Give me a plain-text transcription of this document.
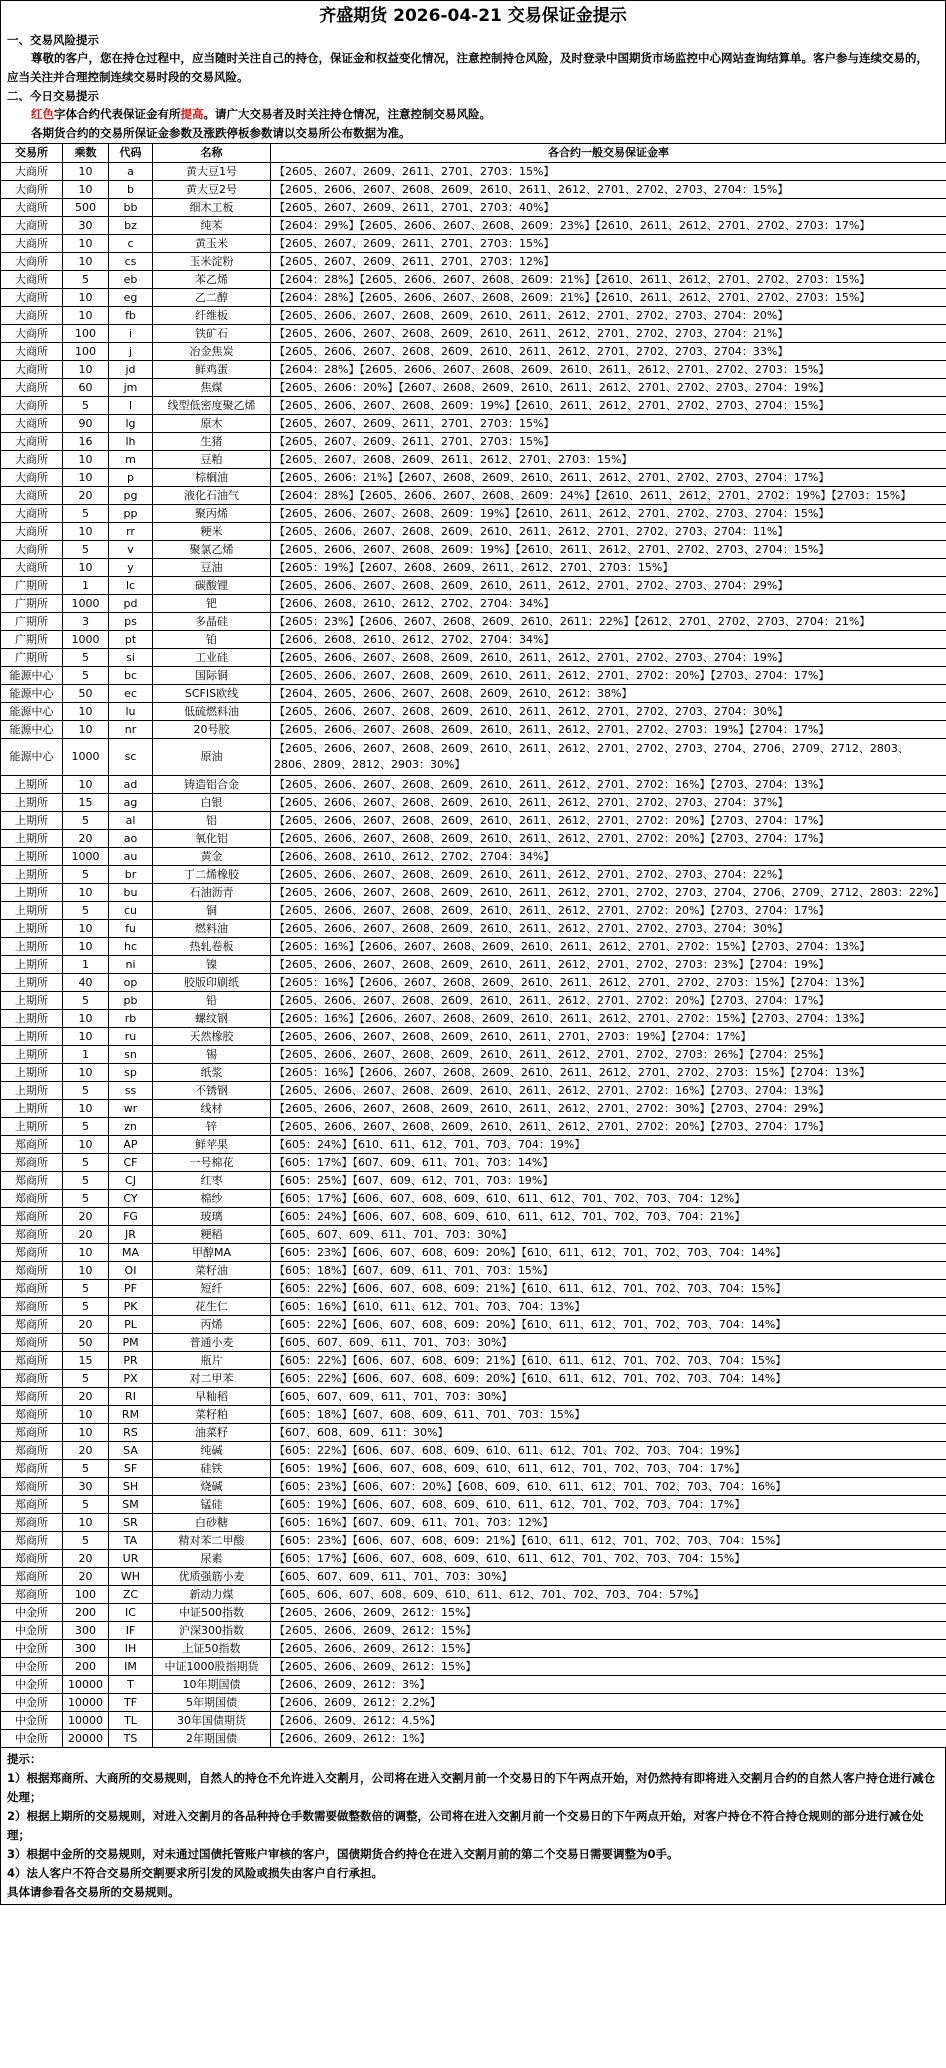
齐盛期货 2026-04-21 交易保证金提示
一、交易风险提示
尊敬的客户，您在持仓过程中，应当随时关注自己的持仓，保证金和权益变化情况，注意控制持仓风险，及时登录中国期货市场监控中心网站查询结算单。客户参与连续交易的，应当关注并合理控制连续交易时段的交易风险。
二、今日交易提示
红色字体合约代表保证金有所提高。请广大交易者及时关注持仓情况，注意控制交易风险。
各期货合约的交易所保证金参数及涨跌停板参数请以交易所公布数据为准。
交易所	乘数	代码	名称	各合约一般交易保证金率
大商所	10	a	黄大豆1号	【2605、2607、2609、2611、2701、2703：15%】
大商所	10	b	黄大豆2号	【2605、2606、2607、2608、2609、2610、2611、2612、2701、2702、2703、2704：15%】
大商所	500	bb	细木工板	【2605、2607、2609、2611、2701、2703：40%】
大商所	30	bz	纯苯	【2604：29%】【2605、2606、2607、2608、2609：23%】【2610、2611、2612、2701、2702、2703：17%】
大商所	10	c	黄玉米	【2605、2607、2609、2611、2701、2703：15%】
大商所	10	cs	玉米淀粉	【2605、2607、2609、2611、2701、2703：12%】
大商所	5	eb	苯乙烯	【2604：28%】【2605、2606、2607、2608、2609：21%】【2610、2611、2612、2701、2702、2703：15%】
大商所	10	eg	乙二醇	【2604：28%】【2605、2606、2607、2608、2609：21%】【2610、2611、2612、2701、2702、2703：15%】
大商所	10	fb	纤维板	【2605、2606、2607、2608、2609、2610、2611、2612、2701、2702、2703、2704：20%】
大商所	100	i	铁矿石	【2605、2606、2607、2608、2609、2610、2611、2612、2701、2702、2703、2704：21%】
大商所	100	j	冶金焦炭	【2605、2606、2607、2608、2609、2610、2611、2612、2701、2702、2703、2704：33%】
大商所	10	jd	鲜鸡蛋	【2604：28%】【2605、2606、2607、2608、2609、2610、2611、2612、2701、2702、2703：15%】
大商所	60	jm	焦煤	【2605、2606：20%】【2607、2608、2609、2610、2611、2612、2701、2702、2703、2704：19%】
大商所	5	l	线型低密度聚乙烯	【2605、2606、2607、2608、2609：19%】【2610、2611、2612、2701、2702、2703、2704：15%】
大商所	90	lg	原木	【2605、2607、2609、2611、2701、2703：15%】
大商所	16	lh	生猪	【2605、2607、2609、2611、2701、2703：15%】
大商所	10	m	豆粕	【2605、2607、2608、2609、2611、2612、2701、2703：15%】
大商所	10	p	棕榈油	【2605、2606：21%】【2607、2608、2609、2610、2611、2612、2701、2702、2703、2704：17%】
大商所	20	pg	液化石油气	【2604：28%】【2605、2606、2607、2608、2609：24%】【2610、2611、2612、2701、2702：19%】【2703：15%】
大商所	5	pp	聚丙烯	【2605、2606、2607、2608、2609：19%】【2610、2611、2612、2701、2702、2703、2704：15%】
大商所	10	rr	粳米	【2605、2606、2607、2608、2609、2610、2611、2612、2701、2702、2703、2704：11%】
大商所	5	v	聚氯乙烯	【2605、2606、2607、2608、2609：19%】【2610、2611、2612、2701、2702、2703、2704：15%】
大商所	10	y	豆油	【2605：19%】【2607、2608、2609、2611、2612、2701、2703：15%】
广期所	1	lc	碳酸锂	【2605、2606、2607、2608、2609、2610、2611、2612、2701、2702、2703、2704：29%】
广期所	1000	pd	钯	【2606、2608、2610、2612、2702、2704：34%】
广期所	3	ps	多晶硅	【2605：23%】【2606、2607、2608、2609、2610、2611：22%】【2612、2701、2702、2703、2704：21%】
广期所	1000	pt	铂	【2606、2608、2610、2612、2702、2704：34%】
广期所	5	si	工业硅	【2605、2606、2607、2608、2609、2610、2611、2612、2701、2702、2703、2704：19%】
能源中心	5	bc	国际铜	【2605、2606、2607、2608、2609、2610、2611、2612、2701、2702：20%】【2703、2704：17%】
能源中心	50	ec	SCFIS欧线	【2604、2605、2606、2607、2608、2609、2610、2612：38%】
能源中心	10	lu	低硫燃料油	【2605、2606、2607、2608、2609、2610、2611、2612、2701、2702、2703、2704：30%】
能源中心	10	nr	20号胶	【2605、2606、2607、2608、2609、2610、2611、2612、2701、2702、2703：19%】【2704：17%】
能源中心	1000	sc	原油	【2605、2606、2607、2608、2609、2610、2611、2612、2701、2702、2703、2704、2706、2709、2712、2803、2806、2809、2812、2903：30%】
上期所	10	ad	铸造铝合金	【2605、2606、2607、2608、2609、2610、2611、2612、2701、2702：16%】【2703、2704：13%】
上期所	15	ag	白银	【2605、2606、2607、2608、2609、2610、2611、2612、2701、2702、2703、2704：37%】
上期所	5	al	铝	【2605、2606、2607、2608、2609、2610、2611、2612、2701、2702：20%】【2703、2704：17%】
上期所	20	ao	氧化铝	【2605、2606、2607、2608、2609、2610、2611、2612、2701、2702：20%】【2703、2704：17%】
上期所	1000	au	黄金	【2606、2608、2610、2612、2702、2704：34%】
上期所	5	br	丁二烯橡胶	【2605、2606、2607、2608、2609、2610、2611、2612、2701、2702、2703、2704：22%】
上期所	10	bu	石油沥青	【2605、2606、2607、2608、2609、2610、2611、2612、2701、2702、2703、2704、2706、2709、2712、2803：22%】
上期所	5	cu	铜	【2605、2606、2607、2608、2609、2610、2611、2612、2701、2702：20%】【2703、2704：17%】
上期所	10	fu	燃料油	【2605、2606、2607、2608、2609、2610、2611、2612、2701、2702、2703、2704：30%】
上期所	10	hc	热轧卷板	【2605：16%】【2606、2607、2608、2609、2610、2611、2612、2701、2702：15%】【2703、2704：13%】
上期所	1	ni	镍	【2605、2606、2607、2608、2609、2610、2611、2612、2701、2702、2703：23%】【2704：19%】
上期所	40	op	胶版印刷纸	【2605：16%】【2606、2607、2608、2609、2610、2611、2612、2701、2702、2703：15%】【2704：13%】
上期所	5	pb	铅	【2605、2606、2607、2608、2609、2610、2611、2612、2701、2702：20%】【2703、2704：17%】
上期所	10	rb	螺纹钢	【2605：16%】【2606、2607、2608、2609、2610、2611、2612、2701、2702：15%】【2703、2704：13%】
上期所	10	ru	天然橡胶	【2605、2606、2607、2608、2609、2610、2611、2701、2703：19%】【2704：17%】
上期所	1	sn	锡	【2605、2606、2607、2608、2609、2610、2611、2612、2701、2702、2703：26%】【2704：25%】
上期所	10	sp	纸浆	【2605：16%】【2606、2607、2608、2609、2610、2611、2612、2701、2702、2703：15%】【2704：13%】
上期所	5	ss	不锈钢	【2605、2606、2607、2608、2609、2610、2611、2612、2701、2702：16%】【2703、2704：13%】
上期所	10	wr	线材	【2605、2606、2607、2608、2609、2610、2611、2612、2701、2702：30%】【2703、2704：29%】
上期所	5	zn	锌	【2605、2606、2607、2608、2609、2610、2611、2612、2701、2702：20%】【2703、2704：17%】
郑商所	10	AP	鲜苹果	【605：24%】【610、611、612、701、703、704：19%】
郑商所	5	CF	一号棉花	【605：17%】【607、609、611、701、703：14%】
郑商所	5	CJ	红枣	【605：25%】【607、609、612、701、703：19%】
郑商所	5	CY	棉纱	【605：17%】【606、607、608、609、610、611、612、701、702、703、704：12%】
郑商所	20	FG	玻璃	【605：24%】【606、607、608、609、610、611、612、701、702、703、704：21%】
郑商所	20	JR	粳稻	【605、607、609、611、701、703：30%】
郑商所	10	MA	甲醇MA	【605：23%】【606、607、608、609：20%】【610、611、612、701、702、703、704：14%】
郑商所	10	OI	菜籽油	【605：18%】【607、609、611、701、703：15%】
郑商所	5	PF	短纤	【605：22%】【606、607、608、609：21%】【610、611、612、701、702、703、704：15%】
郑商所	5	PK	花生仁	【605：16%】【610、611、612、701、703、704：13%】
郑商所	20	PL	丙烯	【605：22%】【606、607、608、609：20%】【610、611、612、701、702、703、704：14%】
郑商所	50	PM	普通小麦	【605、607、609、611、701、703：30%】
郑商所	15	PR	瓶片	【605：22%】【606、607、608、609：21%】【610、611、612、701、702、703、704：15%】
郑商所	5	PX	对二甲苯	【605：22%】【606、607、608、609：20%】【610、611、612、701、702、703、704：14%】
郑商所	20	RI	早籼稻	【605、607、609、611、701、703：30%】
郑商所	10	RM	菜籽粕	【605：18%】【607、608、609、611、701、703：15%】
郑商所	10	RS	油菜籽	【607、608、609、611：30%】
郑商所	20	SA	纯碱	【605：22%】【606、607、608、609、610、611、612、701、702、703、704：19%】
郑商所	5	SF	硅铁	【605：19%】【606、607、608、609、610、611、612、701、702、703、704：17%】
郑商所	30	SH	烧碱	【605：23%】【606、607：20%】【608、609、610、611、612、701、702、703、704：16%】
郑商所	5	SM	锰硅	【605：19%】【606、607、608、609、610、611、612、701、702、703、704：17%】
郑商所	10	SR	白砂糖	【605：16%】【607、609、611、701、703：12%】
郑商所	5	TA	精对苯二甲酸	【605：23%】【606、607、608、609：21%】【610、611、612、701、702、703、704：15%】
郑商所	20	UR	尿素	【605：17%】【606、607、608、609、610、611、612、701、702、703、704：15%】
郑商所	20	WH	优质强筋小麦	【605、607、609、611、701、703：30%】
郑商所	100	ZC	新动力煤	【605、606、607、608、609、610、611、612、701、702、703、704：57%】
中金所	200	IC	中证500指数	【2605、2606、2609、2612：15%】
中金所	300	IF	沪深300指数	【2605、2606、2609、2612：15%】
中金所	300	IH	上证50指数	【2605、2606、2609、2612：15%】
中金所	200	IM	中证1000股指期货	【2605、2606、2609、2612：15%】
中金所	10000	T	10年期国债	【2606、2609、2612：3%】
中金所	10000	TF	5年期国债	【2606、2609、2612：2.2%】
中金所	10000	TL	30年国债期货	【2606、2609、2612：4.5%】
中金所	20000	TS	2年期国债	【2606、2609、2612：1%】
提示：
1）根据郑商所、大商所的交易规则，自然人的持仓不允许进入交割月，公司将在进入交割月前一个交易日的下午两点开始，对仍然持有即将进入交割月合约的自然人客户持仓进行减仓处理；
2）根据上期所的交易规则，对进入交割月的各品种持仓手数需要做整数倍的调整，公司将在进入交割月前一个交易日的下午两点开始，对客户持仓不符合持仓规则的部分进行减仓处理；
3）根据中金所的交易规则，对未通过国债托管账户审核的客户，国债期货合约持仓在进入交割月前的第二个交易日需要调整为0手。
4）法人客户不符合交易所交割要求所引发的风险或损失由客户自行承担。
具体请参看各交易所的交易规则。
